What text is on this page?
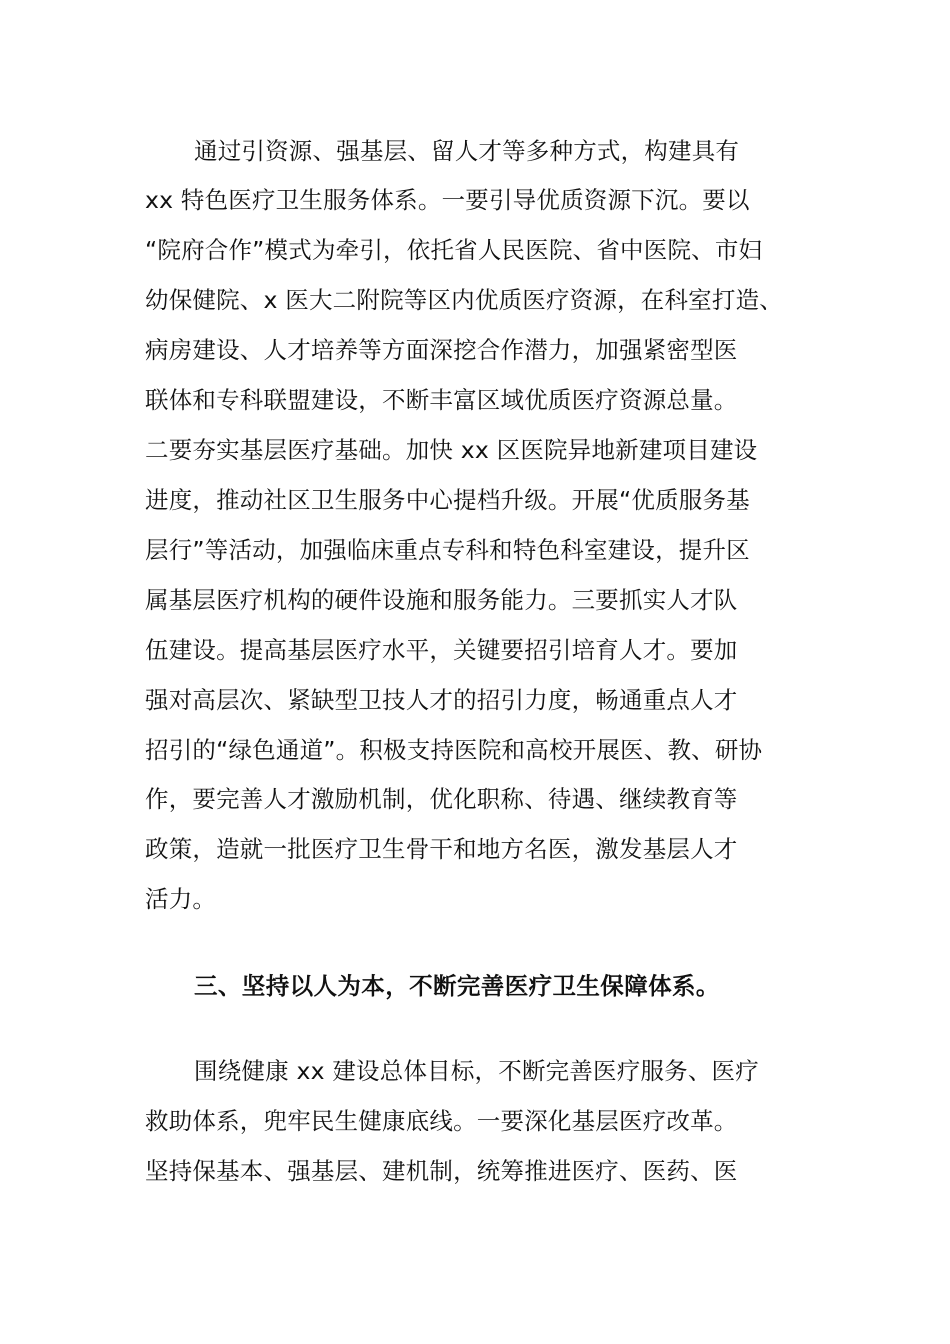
通过引资源、强基层、留人才等多种方式，构建具有
xx 特色医疗卫生服务体系。一要引导优质资源下沉。要以
“院府合作”模式为牵引，依托省人民医院、省中医院、市妇
幼保健院、x 医大二附院等区内优质医疗资源，在科室打造、
病房建设、人才培养等方面深挖合作潜力，加强紧密型医
联体和专科联盟建设，不断丰富区域优质医疗资源总量。
二要夯实基层医疗基础。加快 xx 区医院异地新建项目建设
进度，推动社区卫生服务中心提档升级。开展“优质服务基
层行”等活动，加强临床重点专科和特色科室建设，提升区
属基层医疗机构的硬件设施和服务能力。三要抓实人才队
伍建设。提高基层医疗水平，关键要招引培育人才。要加
强对高层次、紧缺型卫技人才的招引力度，畅通重点人才
招引的“绿色通道”。积极支持医院和高校开展医、教、研协
作，要完善人才激励机制，优化职称、待遇、继续教育等
政策，造就一批医疗卫生骨干和地方名医，激发基层人才
活力。
三、坚持以人为本，不断完善医疗卫生保障体系。
围绕健康 xx 建设总体目标，不断完善医疗服务、医疗
救助体系，兜牢民生健康底线。一要深化基层医疗改革。
坚持保基本、强基层、建机制，统筹推进医疗、医药、医
